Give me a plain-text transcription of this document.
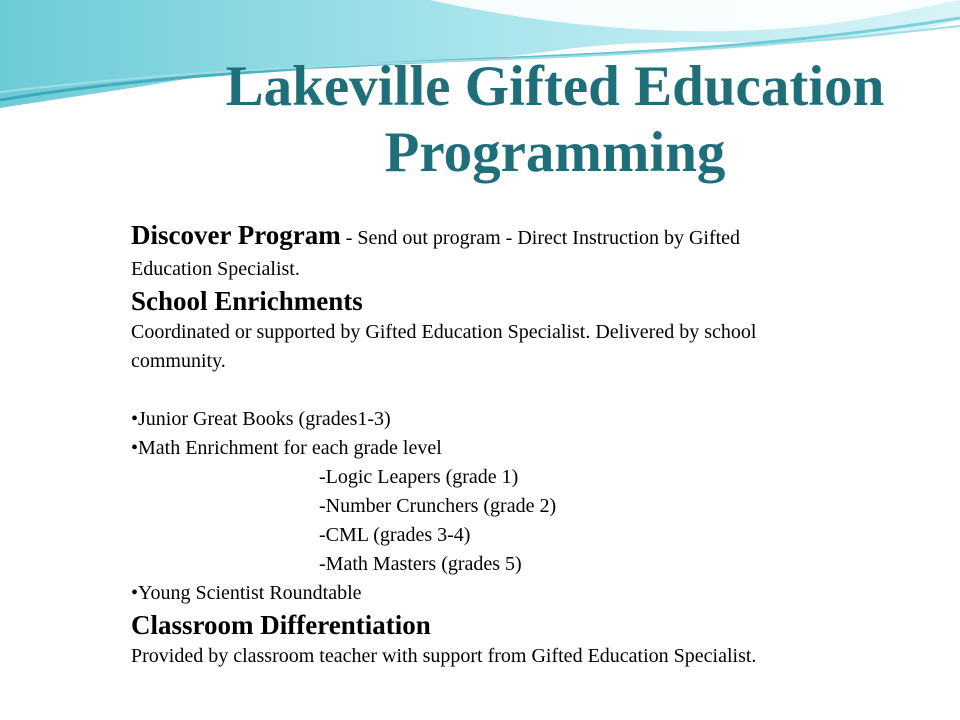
Lakeville Gifted Education
Programming

Discover Program - Send out program - Direct Instruction by Gifted

Education Specialist.

School Enrichments

Coordinated or supported by Gifted Education Specialist. Delivered by school

community.

•Junior Great Books (grades1-3)

•Math Enrichment for each grade level

-Logic Leapers (grade 1)

-Number Crunchers (grade 2)

-CML (grades 3-4)

-Math Masters (grades 5)

•Young Scientist Roundtable

Classroom Differentiation

Provided by classroom teacher with support from Gifted Education Specialist.
